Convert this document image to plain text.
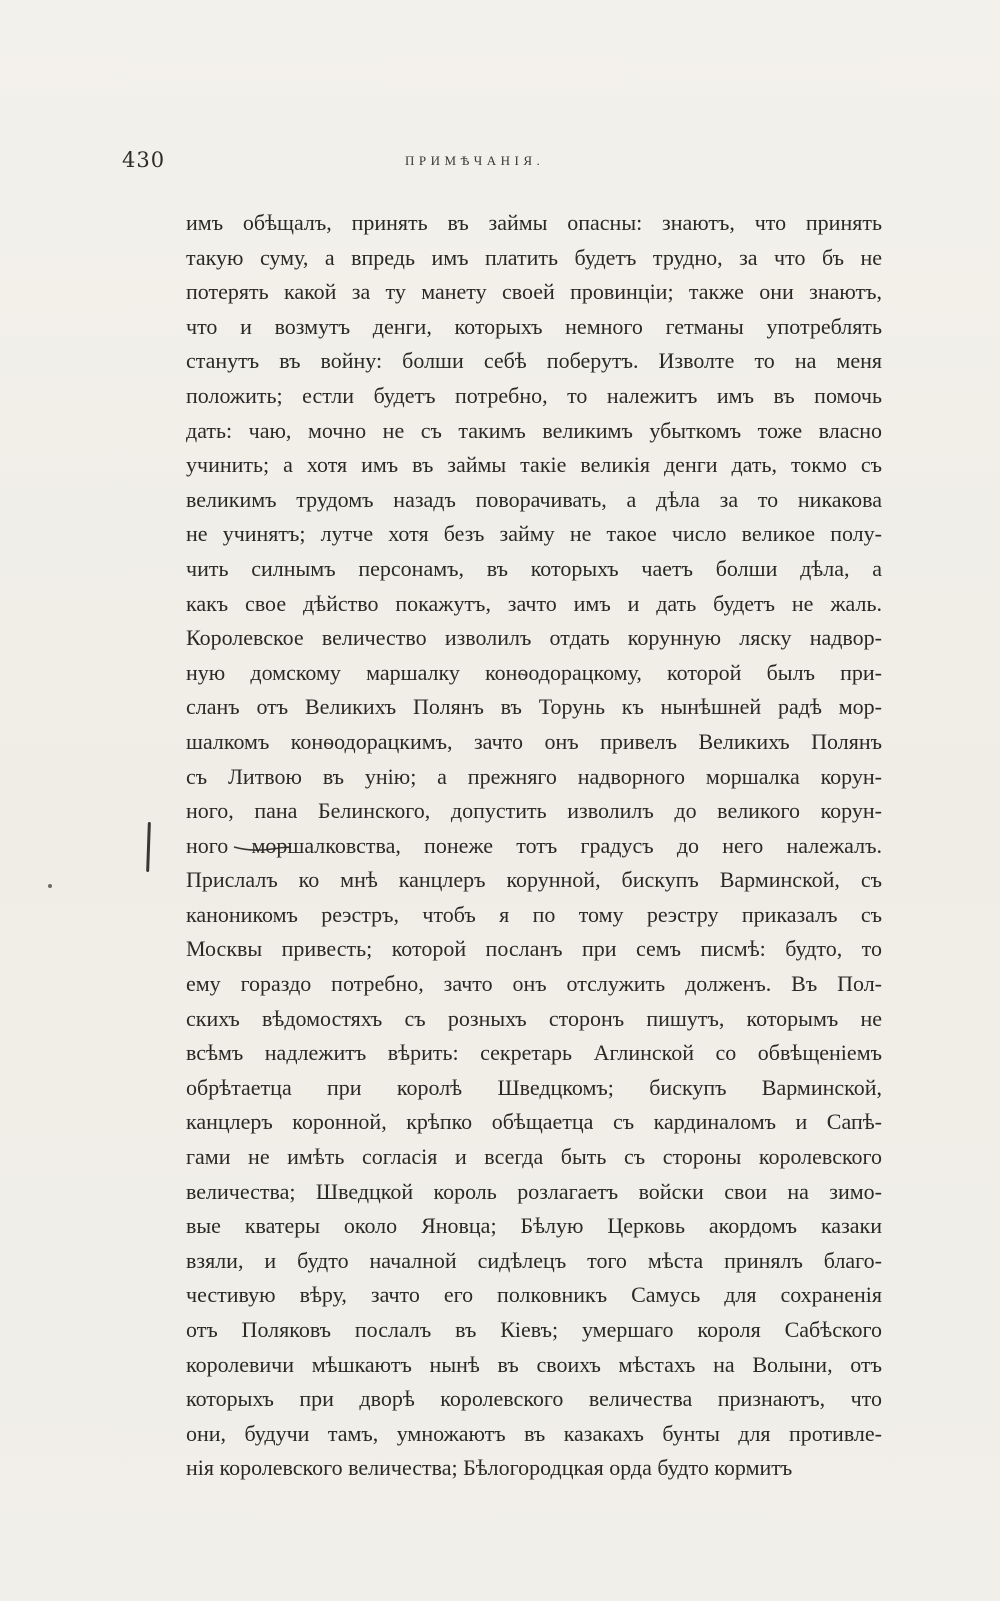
430	ПРИМѢЧАНІЯ.
имъ обѣщалъ, принять въ займы опасны: знаютъ, что принять
такую суму, а впредь имъ платить будетъ трудно, за что бъ не
потерять какой за ту манету своей провинціи; также они знаютъ,
что и возмутъ денги, которыхъ немного гетманы употреблять
станутъ въ войну: болши себѣ поберутъ. Изволте то на меня
положить; естли будетъ потребно, то належитъ имъ въ помочь
дать: чаю, мочно не съ такимъ великимъ убыткомъ тоже власно
учинить; а хотя имъ въ займы такіе великія денги дать, токмо съ
великимъ трудомъ назадъ поворачивать, а дѣла за то никакова
не учинятъ; лутче хотя безъ займу не такое число великое полу-
чить силнымъ персонамъ, въ которыхъ чаетъ болши дѣла, а
какъ свое дѣйство покажутъ, зачто имъ и дать будетъ не жаль.
Королевское величество изволилъ отдать корунную ляску надвор-
ную домскому маршалку конѳодорацкому, которой былъ при-
сланъ отъ Великихъ Полянъ въ Торунь къ нынѣшней радѣ мор-
шалкомъ конѳодорацкимъ, зачто онъ привелъ Великихъ Полянъ
съ Литвою въ унію; а прежняго надворного моршалка корун-
ного, пана Белинского, допустить изволилъ до великого корун-
ного моршалковства, понеже тотъ градусъ до него належалъ.
Прислалъ ко мнѣ канцлеръ корунной, бискупъ Варминской, съ
каноникомъ реэстръ, чтобъ я по тому реэстру приказалъ съ
Москвы привесть; которой посланъ при семъ писмѣ: будто, то
ему гораздо потребно, зачто онъ отслужить долженъ. Въ Пол-
скихъ вѣдомостяхъ съ розныхъ сторонъ пишутъ, которымъ не
всѣмъ надлежитъ вѣрить: секретарь Аглинской со обвѣщеніемъ
обрѣтаетца при королѣ Шведцкомъ; бискупъ Варминской,
канцлеръ коронной, крѣпко обѣщаетца съ кардиналомъ и Сапѣ-
гами не имѣть согласія и всегда быть съ стороны королевского
величества; Шведцкой король розлагаетъ войски свои на зимо-
вые кватеры около Яновца; Бѣлую Церковь акордомъ казаки
взяли, и будто началной сидѣлецъ того мѣста принялъ благо-
честивую вѣру, зачто его полковникъ Самусь для сохраненія
отъ Поляковъ послалъ въ Кіевъ; умершаго короля Сабѣского
королевичи мѣшкаютъ нынѣ въ своихъ мѣстахъ на Волыни, отъ
которыхъ при дворѣ королевского величества признаютъ, что
они, будучи тамъ, умножаютъ въ казакахъ бунты для противле-
нія королевского величества; Бѣлогородцкая орда будто кормитъ
